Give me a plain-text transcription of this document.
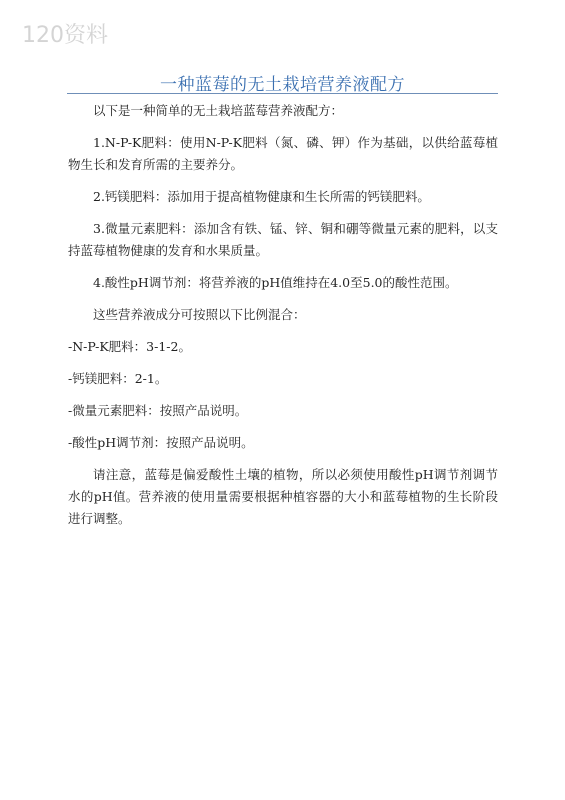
120资料
一种蓝莓的无土栽培营养液配方

以下是一种简单的无土栽培蓝莓营养液配方：

1.N-P-K肥料：使用N-P-K肥料（氮、磷、钾）作为基础，以供给蓝莓植物生长和发育所需的主要养分。

2.钙镁肥料：添加用于提高植物健康和生长所需的钙镁肥料。

3.微量元素肥料：添加含有铁、锰、锌、铜和硼等微量元素的肥料，以支持蓝莓植物健康的发育和水果质量。

4.酸性pH调节剂：将营养液的pH值维持在4.0至5.0的酸性范围。

这些营养液成分可按照以下比例混合：

-N-P-K肥料：3-1-2。

-钙镁肥料：2-1。

-微量元素肥料：按照产品说明。

-酸性pH调节剂：按照产品说明。

请注意，蓝莓是偏爱酸性土壤的植物，所以必须使用酸性pH调节剂调节水的pH值。营养液的使用量需要根据种植容器的大小和蓝莓植物的生长阶段进行调整。
